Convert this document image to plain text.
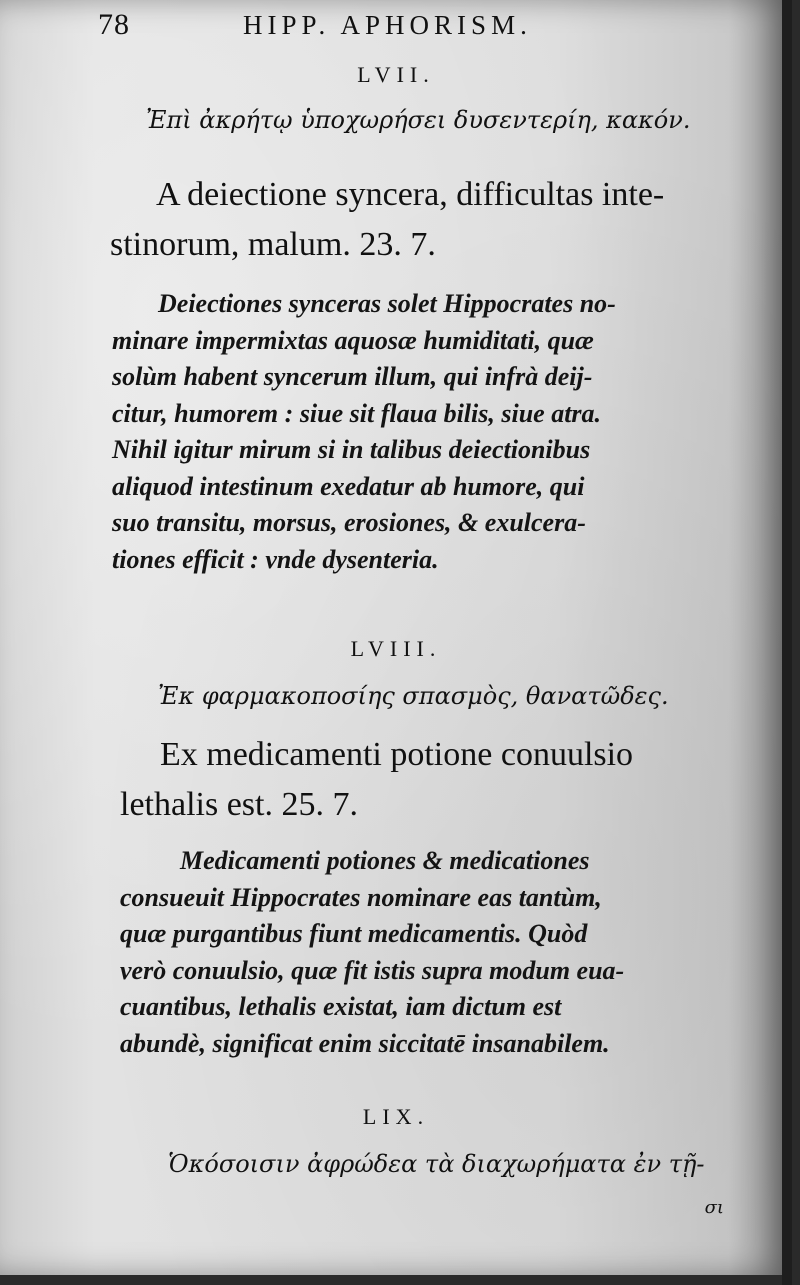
78	HIPP. APHORISM.
LVII.
Ἐπὶ ἀκρήτῳ ὑποχωρήσει δυσεντερίη, κακόν.
A deiectione syncera, difficultas inte-
stinorum, malum. 23. 7.
Deiectiones synceras solet Hippocrates no-
minare impermixtas aquosæ humiditati, quæ
solùm habent syncerum illum, qui infrà deij-
citur, humorem : siue sit flaua bilis, siue atra.
Nihil igitur mirum si in talibus deiectionibus
aliquod intestinum exedatur ab humore, qui
suo transitu, morsus, erosiones, & exulcera-
tiones efficit : vnde dysenteria.
LVIII.
Ἐκ φαρμακοποσίης σπασμὸς, θανατῶδες.
Ex medicamenti potione conuulsio
lethalis est. 25. 7.
Medicamenti potiones & medicationes
consueuit Hippocrates nominare eas tantùm,
quæ purgantibus fiunt medicamentis. Quòd
verò conuulsio, quæ fit istis supra modum eua-
cuantibus, lethalis existat, iam dictum est
abundè, significat enim siccitatē insanabilem.
LIX.
Ὁκόσοισιν ἀφρώδεα τὰ διαχωρήματα ἐν τῇ-
σι
